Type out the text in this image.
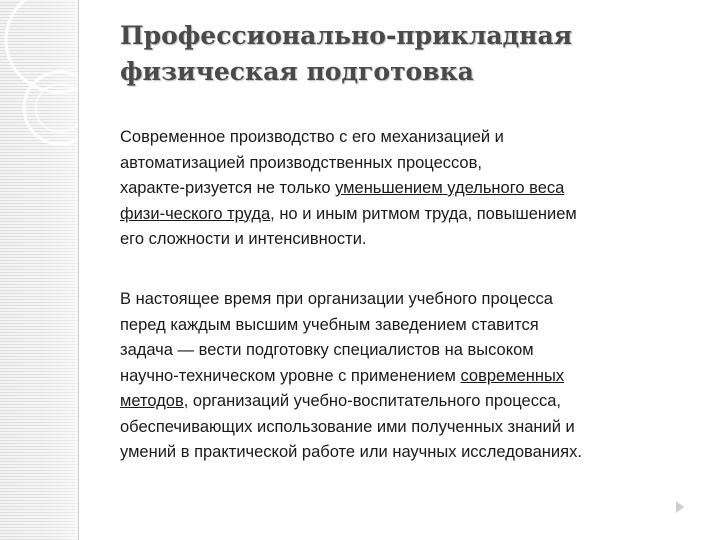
Профессионально-прикладная
физическая подготовка

Современное производство с его механизацией и
автоматизацией производственных процессов,
характе-ризуется не только уменьшением удельного веса
физи-ческого труда, но и иным ритмом труда, повышением
его сложности и интенсивности.

В настоящее время при организации учебного процесса
перед каждым высшим учебным заведением ставится
задача — вести подготовку специалистов на высоком
научно-техническом уровне с применением современных
методов, организаций учебно-воспитательного процесса,
обеспечивающих использование ими полученных знаний и
умений в практической работе или научных исследованиях.
